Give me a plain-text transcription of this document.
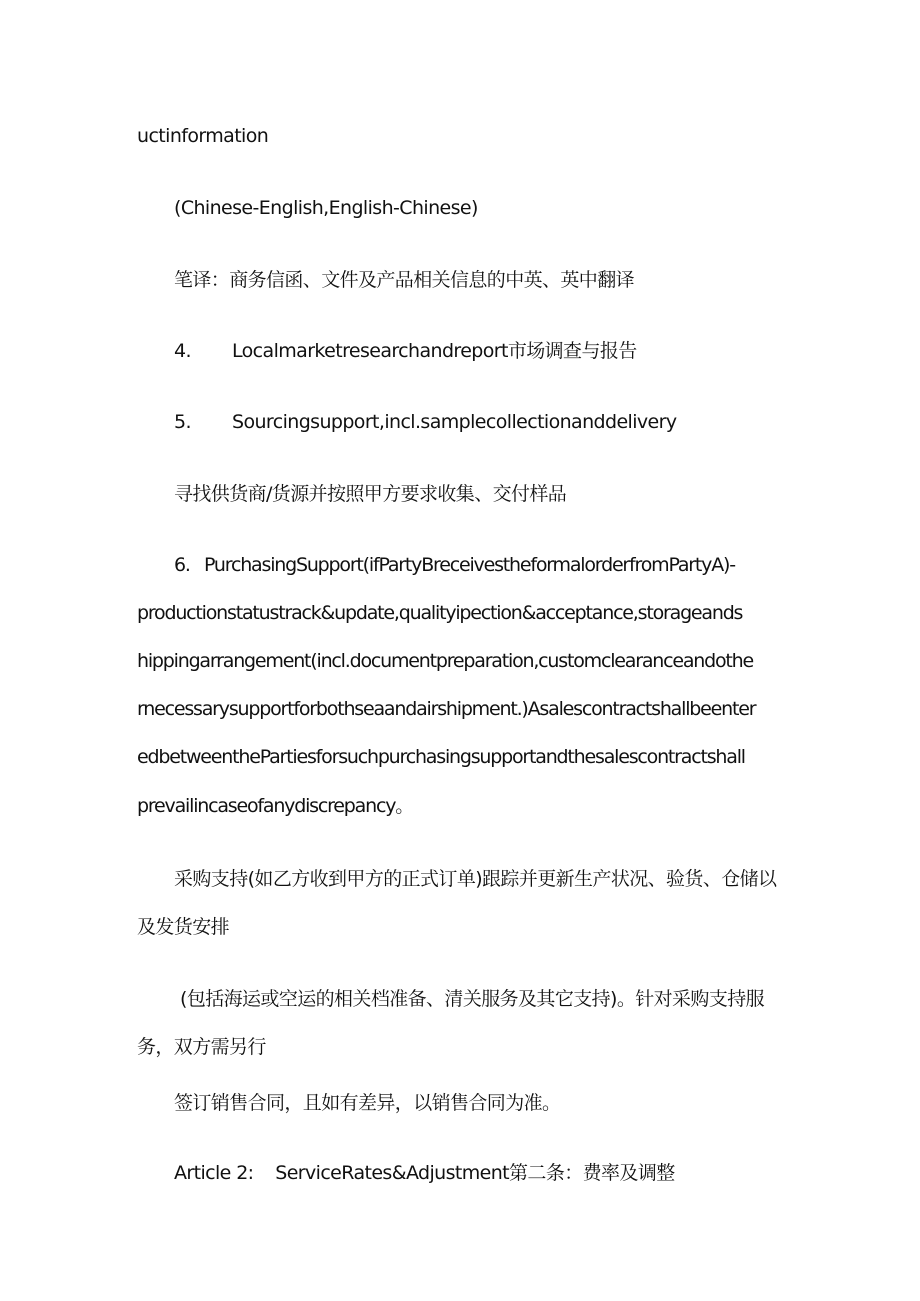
uctinformation
(Chinese-English,English-Chinese)
笔译：商务信函、文件及产品相关信息的中英、英中翻译
4. Localmarketresearchandreport市场调查与报告
5. Sourcingsupport,incl.samplecollectionanddelivery
寻找供货商/货源并按照甲方要求收集、交付样品
6. PurchasingSupport(ifPartyBreceivestheformalorderfromPartyA)-
productionstatustrack&update,qualityipection&acceptance,storageands
hippingarrangement(incl.documentpreparation,customclearanceandothe
rnecessarysupportforbothseaandairshipment.)Asalescontractshallbeenter
edbetweenthePartiesforsuchpurchasingsupportandthesalescontractshall
prevailincaseofanydiscrepancy。
采购支持(如乙方收到甲方的正式订单)跟踪并更新生产状况、验货、仓储以
及发货安排
(包括海运或空运的相关档准备、清关服务及其它支持)。针对采购支持服
务，双方需另行
签订销售合同，且如有差异，以销售合同为准。
Article 2:    ServiceRates&Adjustment第二条：费率及调整
